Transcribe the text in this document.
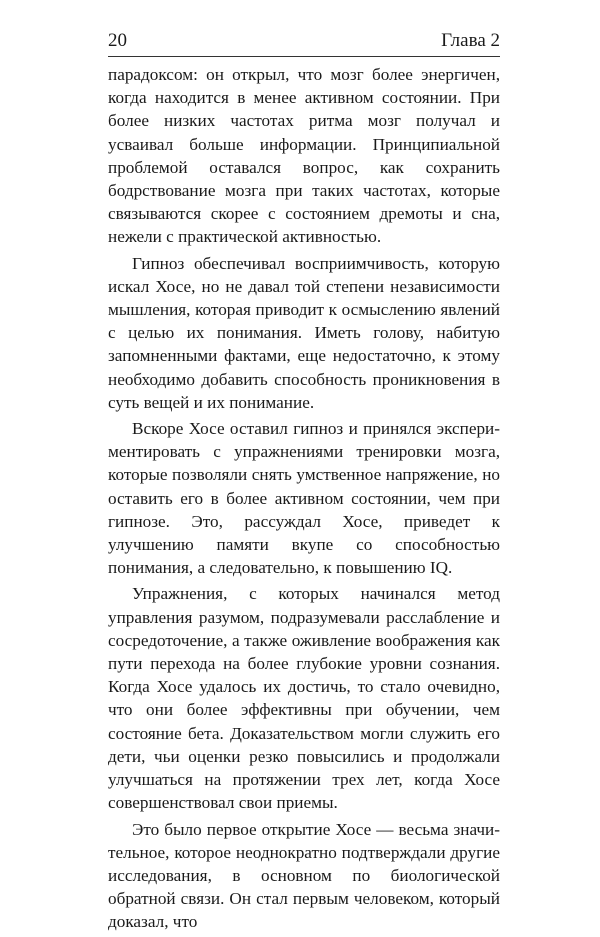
20	Глава 2

парадоксом: он открыл, что мозг более энергичен, когда находится в менее активном состоянии. При более низких частотах ритма мозг получал и усваивал больше информации. Принципиальной проблемой оставался вопрос, как сохранить бодрствование мозга при таких частотах, которые связываются скорее с состоянием дремоты и сна, нежели с практической активностью.

Гипноз обеспечивал восприимчивость, которую искал Хосе, но не давал той степени независимости мышления, которая приводит к осмыслению явлений с целью их понимания. Иметь голову, набитую запомненными фактами, еще недостаточно, к этому необходимо добавить способность проникновения в суть вещей и их понимание.

Вскоре Хосе оставил гипноз и принялся экспериментировать с упражнениями тренировки мозга, которые позволяли снять умственное напряжение, но оставить его в более активном состоянии, чем при гипнозе. Это, рассуждал Хосе, приведет к улучшению памяти вкупе со способностью понимания, а следовательно, к повышению IQ.

Упражнения, с которых начинался метод управления разумом, подразумевали расслабление и сосредоточение, а также оживление воображения как пути перехода на более глубокие уровни сознания. Когда Хосе удалось их достичь, то стало очевидно, что они более эффективны при обучении, чем состояние бета. Доказательством могли служить его дети, чьи оценки резко повысились и продолжали улучшаться на протяжении трех лет, когда Хосе совершенствовал свои приемы.

Это было первое открытие Хосе — весьма значительное, которое неоднократно подтверждали другие исследования, в основном по биологической обратной связи. Он стал первым человеком, который доказал, что
